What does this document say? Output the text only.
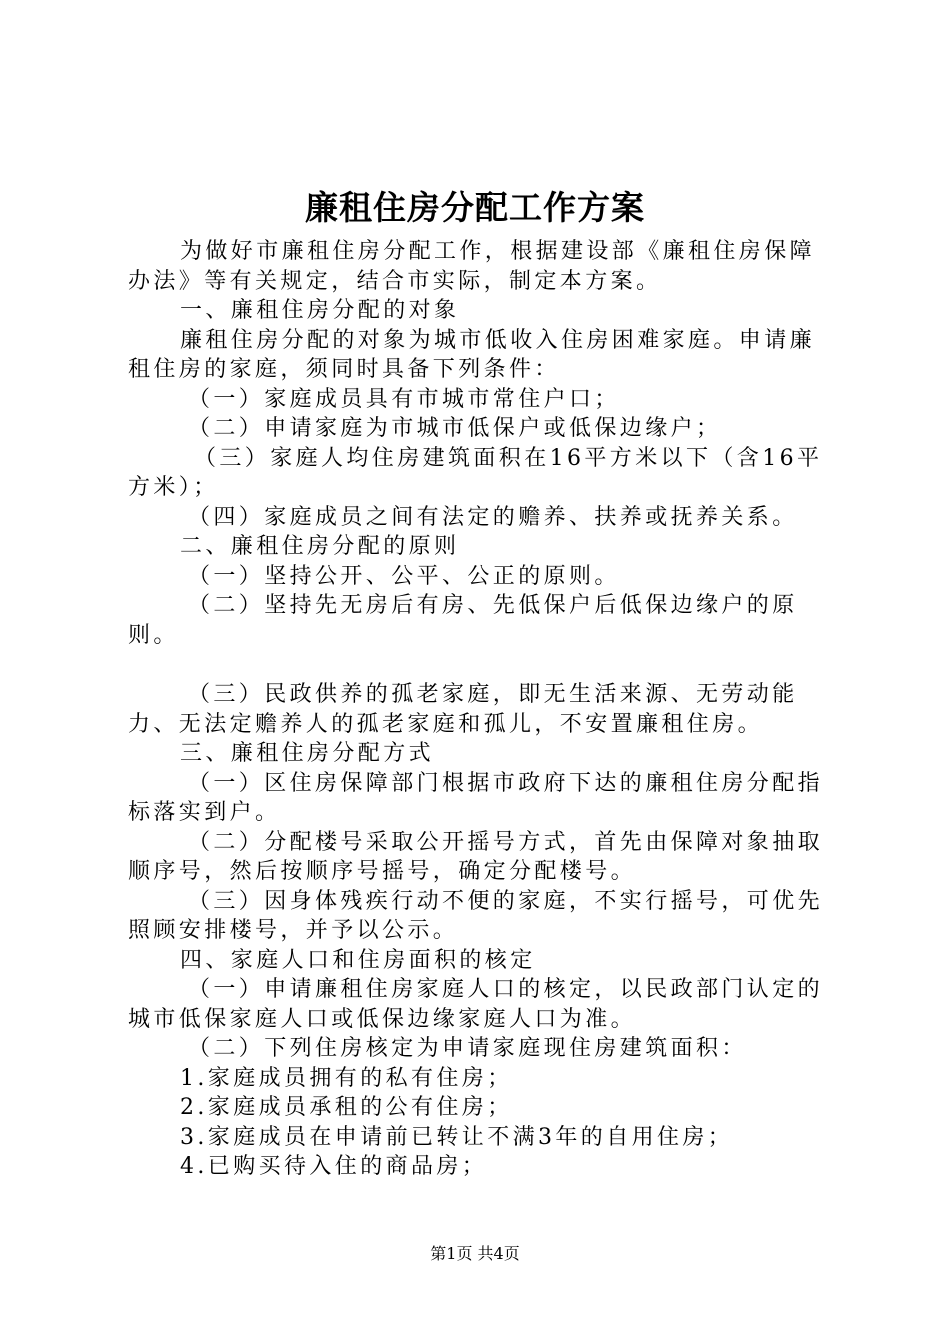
廉租住房分配工作方案

为做好市廉租住房分配工作，根据建设部《廉租住房保障办法》等有关规定，结合市实际，制定本方案。

一、廉租住房分配的对象

廉租住房分配的对象为城市低收入住房困难家庭。申请廉租住房的家庭，须同时具备下列条件：

（一）家庭成员具有市城市常住户口；

（二）申请家庭为市城市低保户或低保边缘户；

（三）家庭人均住房建筑面积在16平方米以下（含16平方米）；

（四）家庭成员之间有法定的赡养、扶养或抚养关系。

二、廉租住房分配的原则

（一）坚持公开、公平、公正的原则。

（二）坚持先无房后有房、先低保户后低保边缘户的原则。

（三）民政供养的孤老家庭，即无生活来源、无劳动能力、无法定赡养人的孤老家庭和孤儿，不安置廉租住房。

三、廉租住房分配方式

（一）区住房保障部门根据市政府下达的廉租住房分配指标落实到户。

（二）分配楼号采取公开摇号方式，首先由保障对象抽取顺序号，然后按顺序号摇号，确定分配楼号。

（三）因身体残疾行动不便的家庭，不实行摇号，可优先照顾安排楼号，并予以公示。

四、家庭人口和住房面积的核定

（一）申请廉租住房家庭人口的核定，以民政部门认定的城市低保家庭人口或低保边缘家庭人口为准。

（二）下列住房核定为申请家庭现住房建筑面积：

1.家庭成员拥有的私有住房；

2.家庭成员承租的公有住房；

3.家庭成员在申请前已转让不满3年的自用住房；

4.已购买待入住的商品房；

第1页 共4页
